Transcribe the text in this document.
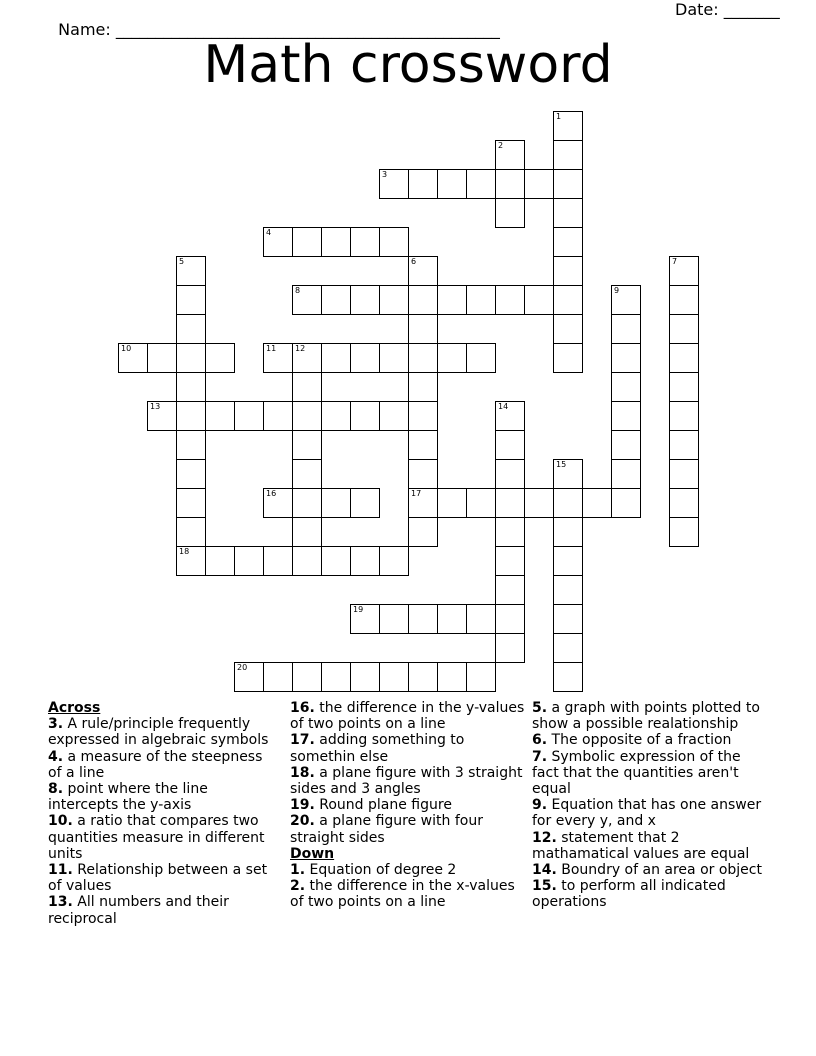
Name: ________________________________________________

Date: _______

Math crossword
1
2
3
4
5
18
6
17
7
8	9
10	11 12
13	14
15
16
19
20
Across
3. A rule/principle frequently expressed in algebraic symbols
4. a measure of the steepness of a line
8. point where the line intercepts the y-axis
10. a ratio that compares two quantities measure in different units
11. Relationship between a set of values
13. All numbers and their reciprocal
16. the difference in the y-values of two points on a line
17. adding something to somethin else
18. a plane figure with 3 straight sides and 3 angles
19. Round plane figure
20. a plane figure with four straight sides
Down
1. Equation of degree 2
2. the difference in the x-values of two points on a line
5. a graph with points plotted to show a possible realationship
6. The opposite of a fraction
7. Symbolic expression of the fact that the quantities aren't equal
9. Equation that has one answer for every y, and x
12. statement that 2 mathamatical values are equal
14. Boundry of an area or object
15. to perform all indicated operations
